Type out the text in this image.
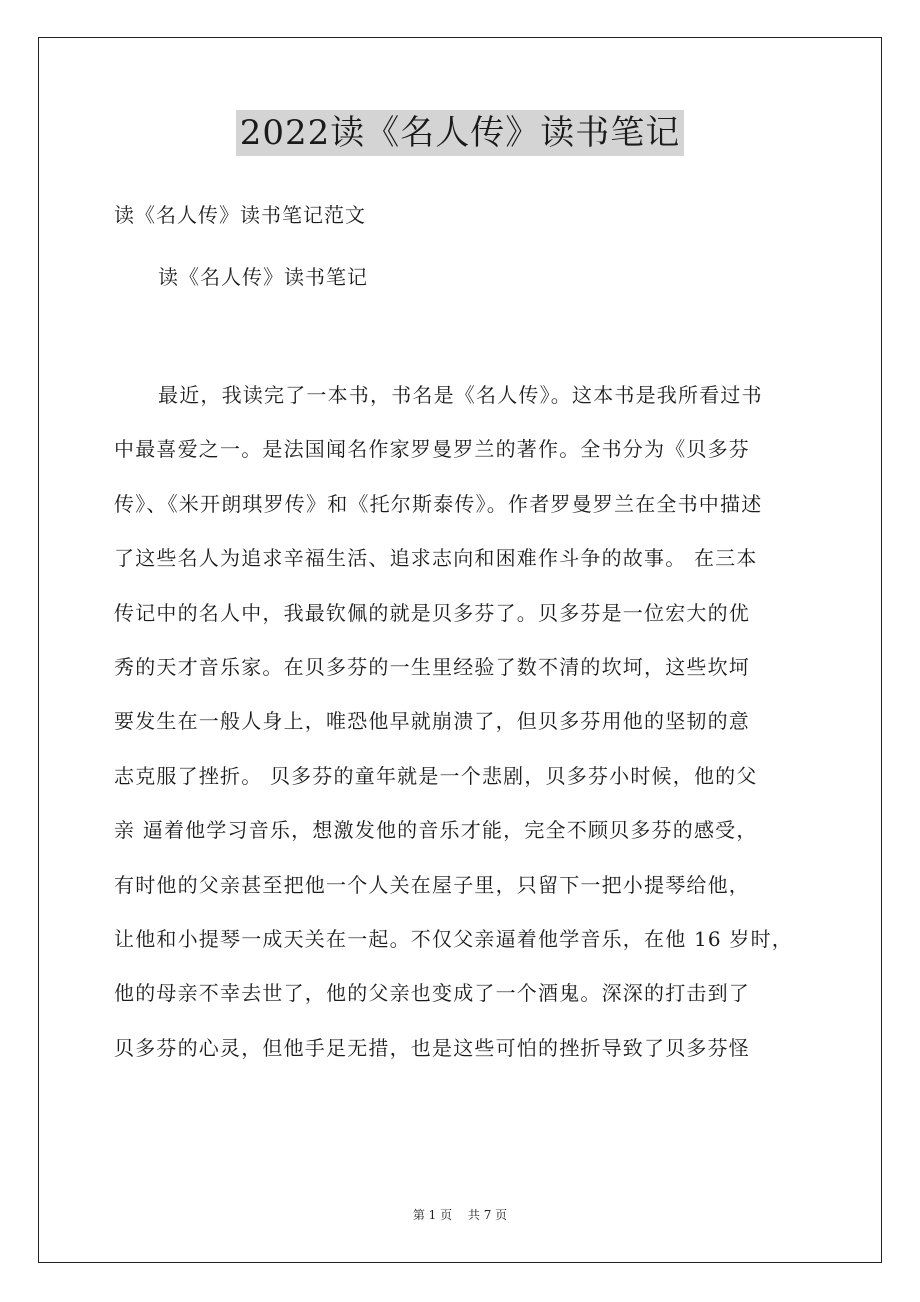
2022读《名人传》读书笔记

读《名人传》读书笔记范文

读《名人传》读书笔记

最近，我读完了一本书，书名是《名人传》。这本书是我所看过书
中最喜爱之一。是法国闻名作家罗曼罗兰的著作。全书分为《贝多芬
传》、《米开朗琪罗传》和《托尔斯泰传》。作者罗曼罗兰在全书中描述
了这些名人为追求辛福生活、追求志向和困难作斗争的故事。 在三本
传记中的名人中，我最钦佩的就是贝多芬了。贝多芬是一位宏大的优
秀的天才音乐家。在贝多芬的一生里经验了数不清的坎坷，这些坎坷
要发生在一般人身上，唯恐他早就崩溃了，但贝多芬用他的坚韧的意
志克服了挫折。 贝多芬的童年就是一个悲剧，贝多芬小时候，他的父
亲 逼着他学习音乐，想激发他的音乐才能，完全不顾贝多芬的感受，
有时他的父亲甚至把他一个人关在屋子里，只留下一把小提琴给他，
让他和小提琴一成天关在一起。不仅父亲逼着他学音乐，在他 16 岁时，
他的母亲不幸去世了，他的父亲也变成了一个酒鬼。深深的打击到了
贝多芬的心灵，但他手足无措，也是这些可怕的挫折导致了贝多芬怪
第 1 页 共 7 页
